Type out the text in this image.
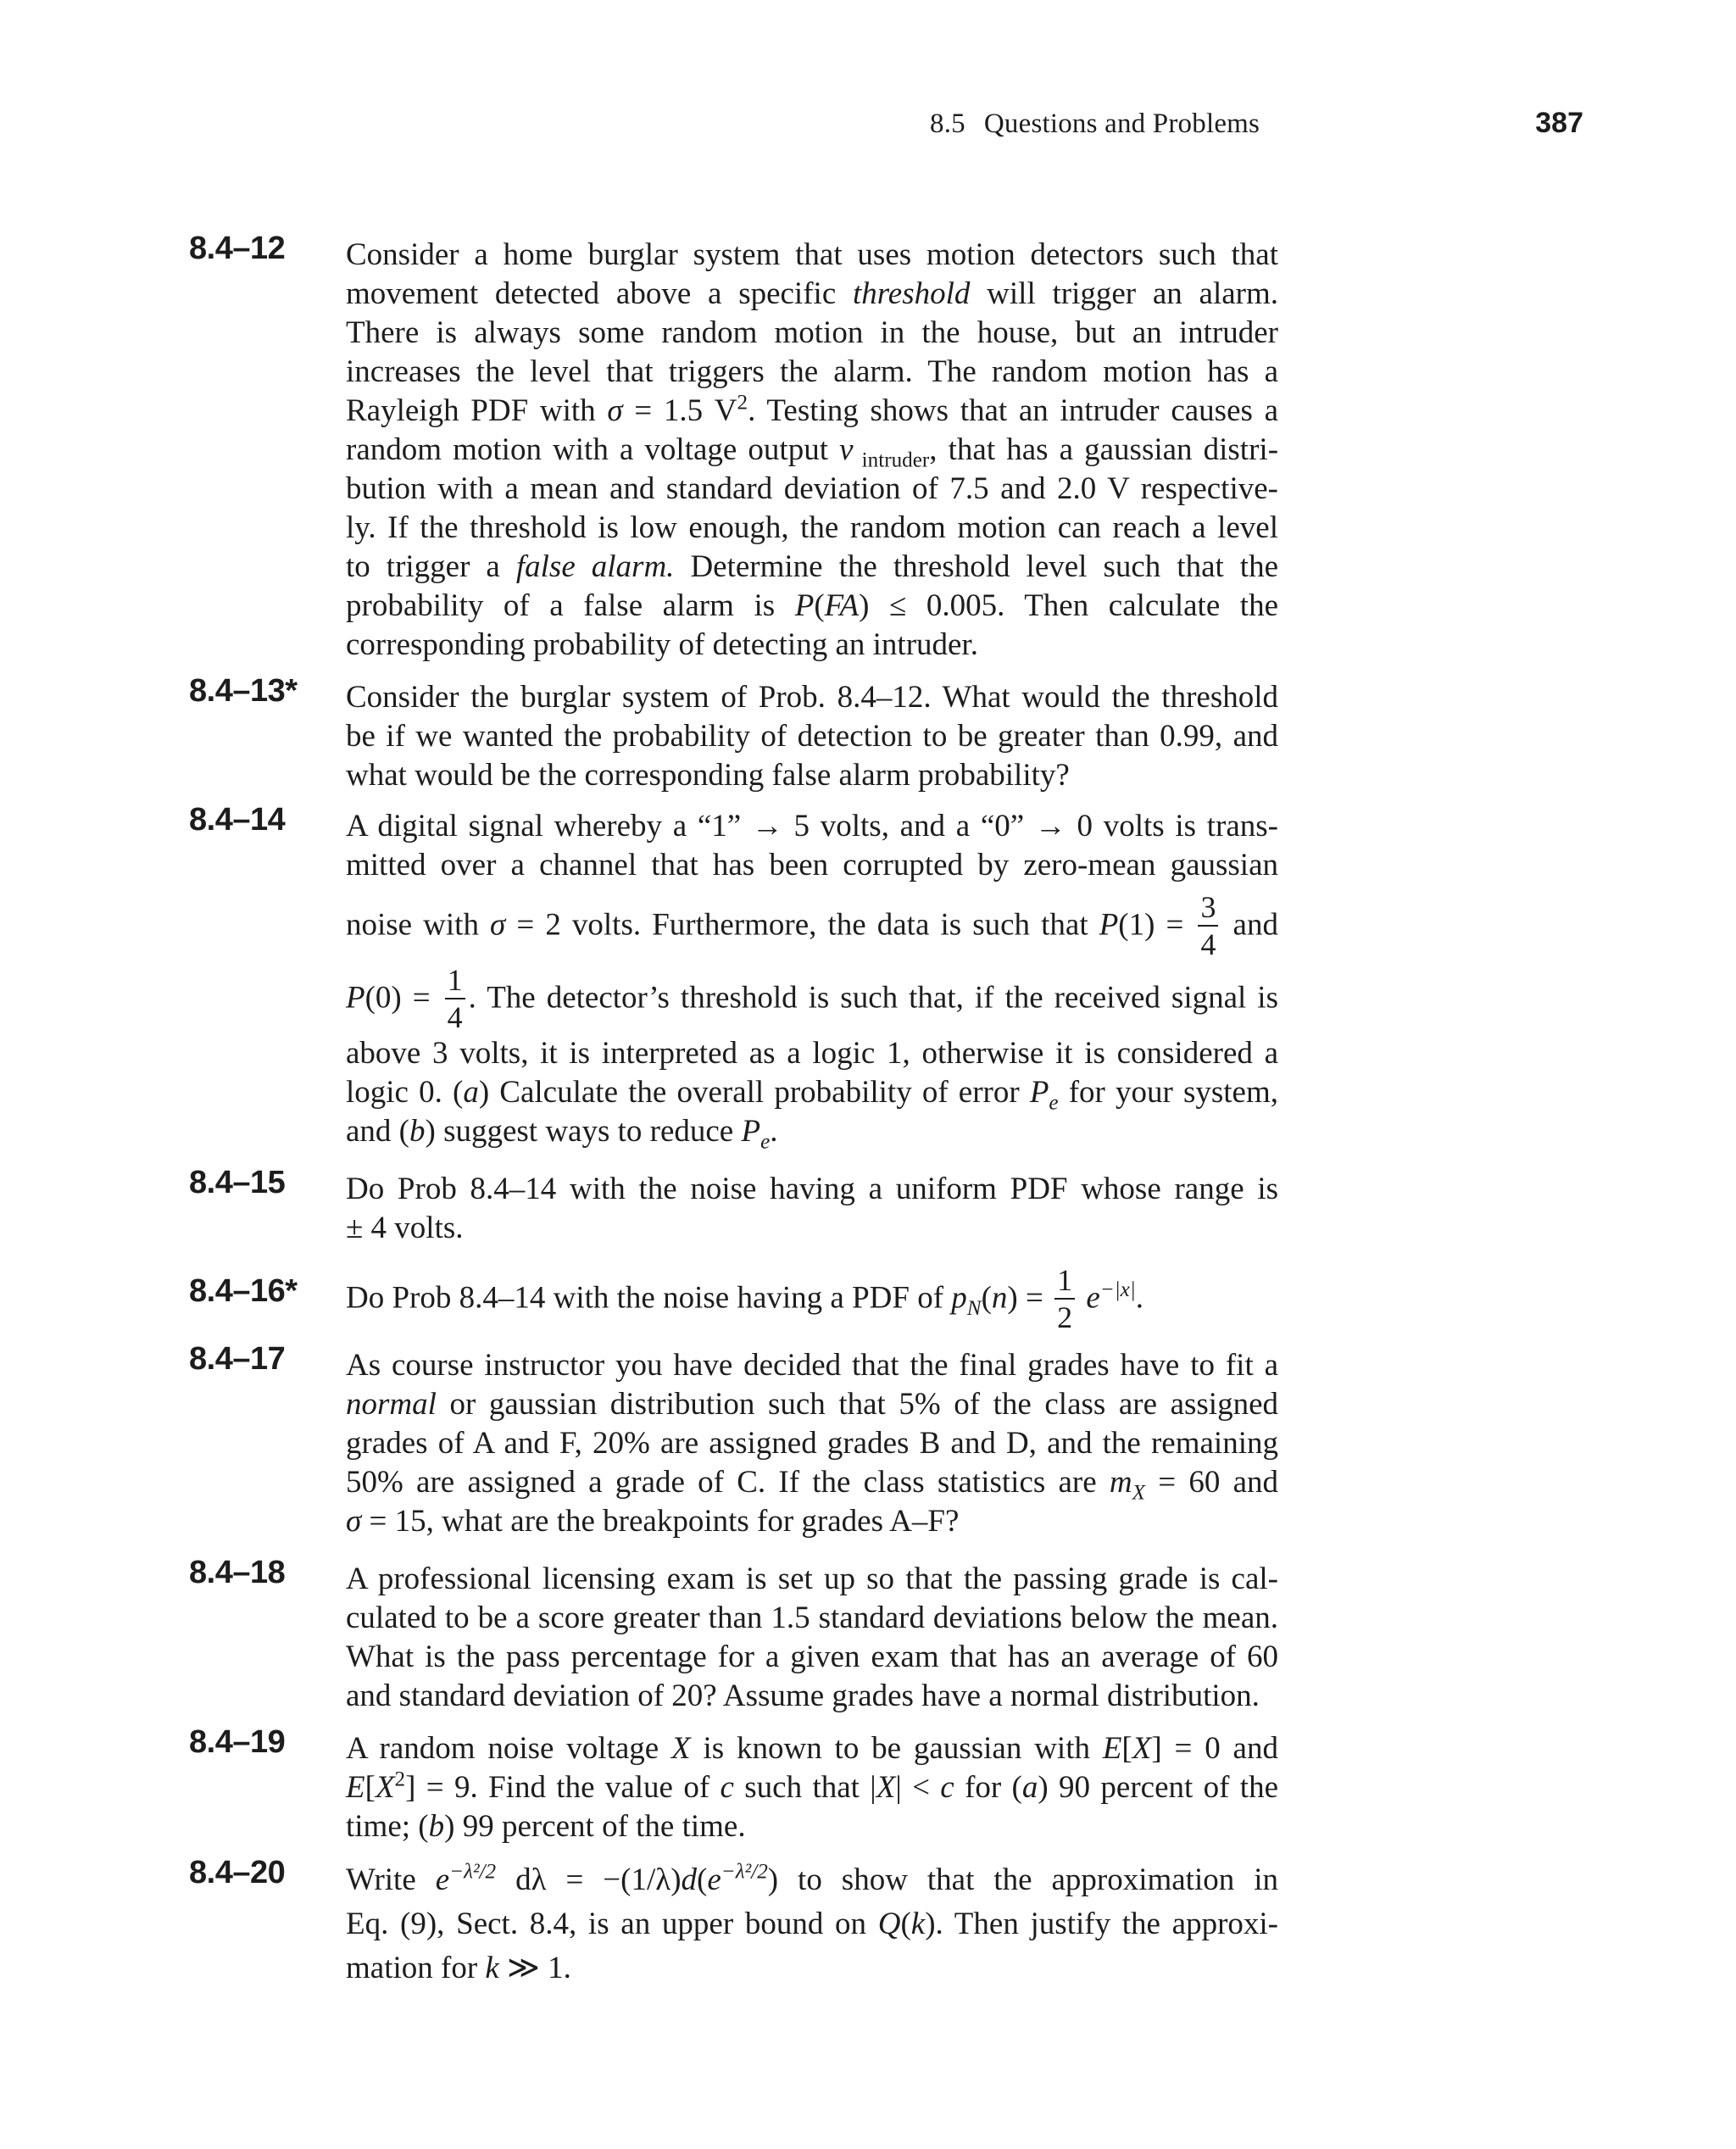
8.5 Questions and Problems	387
8.4–12 Consider a home burglar system that uses motion detectors such that
movement detected above a specific threshold will trigger an alarm.
There is always some random motion in the house, but an intruder
increases the level that triggers the alarm. The random motion has a
Rayleigh PDF with σ = 1.5 $V^2$. Testing shows that an intruder causes a
random motion with a voltage output v $_{intruder}$, that has a gaussian distri-
bution with a mean and standard deviation of 7.5 and 2.0 V respective-
ly. If the threshold is low enough, the random motion can reach a level
to trigger a false alarm. Determine the threshold level such that the
probability of a false alarm is P(FA) ≤ 0.005. Then calculate the
corresponding probability of detecting an intruder.
8.4–13* Consider the burglar system of Prob. 8.4–12. What would the threshold
be if we wanted the probability of detection to be greater than 0.99, and
what would be the corresponding false alarm probability?
8.4–14 A digital signal whereby a “1” → 5 volts, and a “0” → 0 volts is trans-
mitted over a channel that has been corrupted by zero-mean gaussian
noise with σ = 2 volts. Furthermore, the data is such that $P(1) = \frac{3}{4}$ and
$P(0) = \frac{1}{4}$ . The detector’s threshold is such that, if the received signal is
above 3 volts, it is interpreted as a logic 1, otherwise it is considered a
logic 0. (a) Calculate the overall probability of error $P_e$ for your system,
and (b) suggest ways to reduce $P_e$.
8.4–15 Do Prob 8.4–14 with the noise having a uniform PDF whose range is
± 4 volts.
8.4–16* Do Prob 8.4–14 with the noise having a PDF of $p_N(n) = \frac{1}{2} e^{-|x|}$.
8.4–17 As course instructor you have decided that the final grades have to fit a
normal or gaussian distribution such that 5% of the class are assigned
grades of A and F, 20% are assigned grades B and D, and the remaining
50% are assigned a grade of C. If the class statistics are $m_X = 60$ and
σ = 15, what are the breakpoints for grades A–F?
8.4–18 A professional licensing exam is set up so that the passing grade is cal-
culated to be a score greater than 1.5 standard deviations below the mean.
What is the pass percentage for a given exam that has an average of 60
and standard deviation of 20? Assume grades have a normal distribution.
8.4–19 A random noise voltage X is known to be gaussian with E[X] = 0 and
$E[X^2] = 9$. Find the value of c such that |X| < c for (a) 90 percent of the
time; (b) 99 percent of the time.
8.4–20 Write $e^{-\lambda^2/2}$ $d\lambda = -(1/\lambda)d(e^{-\lambda^2/2})$ to show that the approximation in
Eq. (9), Sect. 8.4, is an upper bound on Q(k). Then justify the approxi-
mation for k ≫ 1.
